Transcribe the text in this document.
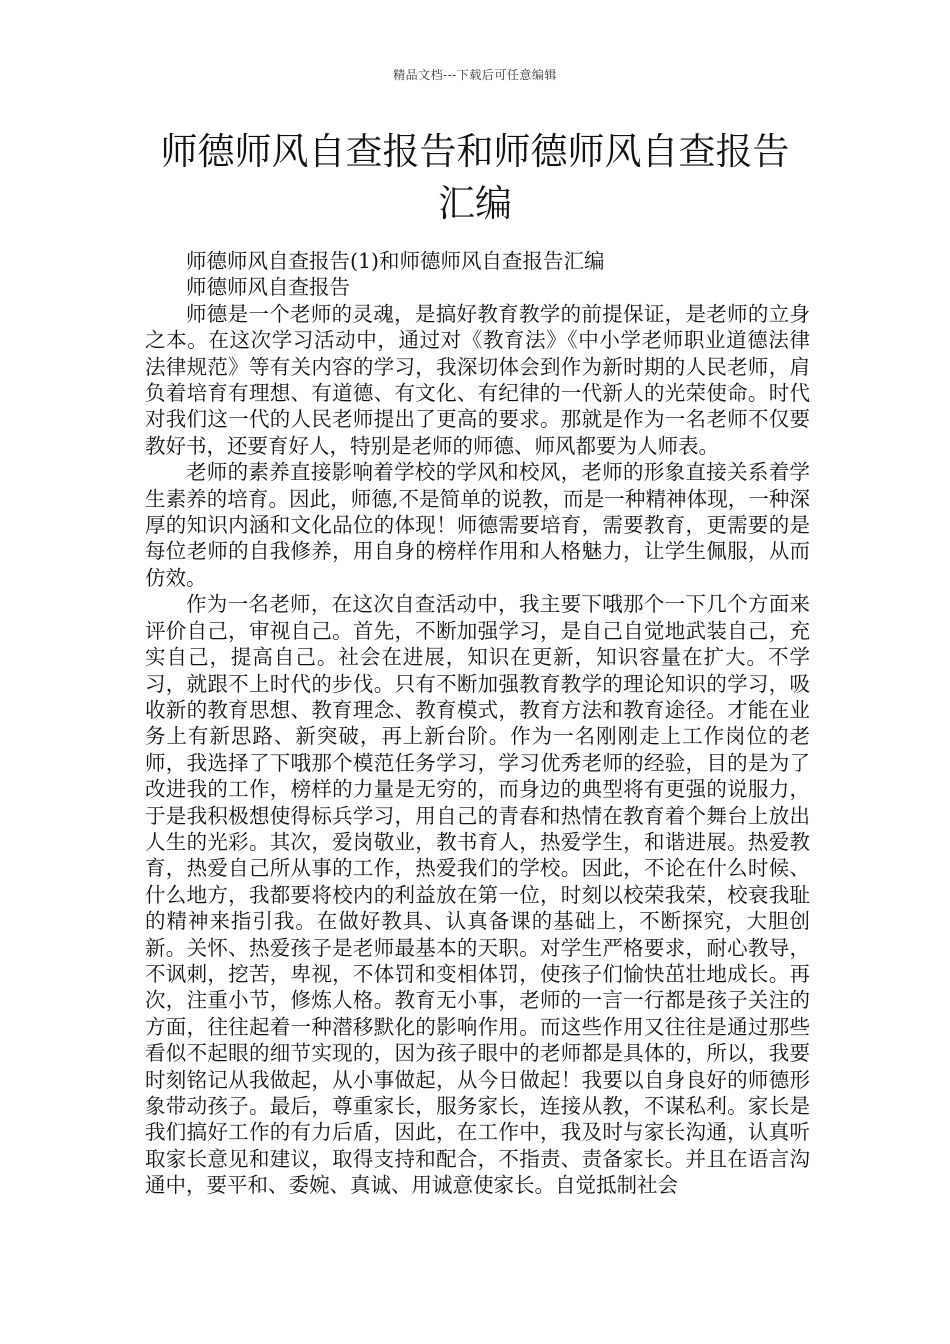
精品文档---下载后可任意编辑
师德师风自查报告和师德师风自查报告汇编
师德师风自查报告(1)和师德师风自查报告汇编
师德师风自查报告

师德是一个老师的灵魂，是搞好教育教学的前提保证，是老师的立身之本。在这次学习活动中，通过对《教育法》《中小学老师职业道德法律法律规范》等有关内容的学习，我深切体会到作为新时期的人民老师，肩负着培育有理想、有道德、有文化、有纪律的一代新人的光荣使命。时代对我们这一代的人民老师提出了更高的要求。那就是作为一名老师不仅要教好书，还要育好人，特别是老师的师德、师风都要为人师表。

老师的素养直接影响着学校的学风和校风，老师的形象直接关系着学生素养的培育。因此，师德,不是简单的说教，而是一种精神体现，一种深厚的知识内涵和文化品位的体现！师德需要培育，需要教育，更需要的是每位老师的自我修养，用自身的榜样作用和人格魅力，让学生佩服，从而仿效。

作为一名老师，在这次自查活动中，我主要下哦那个一下几个方面来评价自己，审视自己。首先，不断加强学习，是自己自觉地武装自己，充实自己，提高自己。社会在进展，知识在更新，知识容量在扩大。不学习，就跟不上时代的步伐。只有不断加强教育教学的理论知识的学习，吸收新的教育思想、教育理念、教育模式，教育方法和教育途径。才能在业务上有新思路、新突破，再上新台阶。作为一名刚刚走上工作岗位的老师，我选择了下哦那个模范任务学习，学习优秀老师的经验，目的是为了改进我的工作，榜样的力量是无穷的，而身边的典型将有更强的说服力，于是我积极想使得标兵学习，用自己的青春和热情在教育着个舞台上放出人生的光彩。其次，爱岗敬业，教书育人，热爱学生，和谐进展。热爱教育，热爱自己所从事的工作，热爱我们的学校。因此，不论在什么时候、什么地方，我都要将校内的利益放在第一位，时刻以校荣我荣，校衰我耻的精神来指引我。在做好教具、认真备课的基础上，不断探究，大胆创新。关怀、热爱孩子是老师最基本的天职。对学生严格要求，耐心教导，不讽刺，挖苦，卑视，不体罚和变相体罚，使孩子们愉快茁壮地成长。再次，注重小节，修炼人格。教育无小事，老师的一言一行都是孩子关注的方面，往往起着一种潜移默化的影响作用。而这些作用又往往是通过那些看似不起眼的细节实现的，因为孩子眼中的老师都是具体的，所以，我要时刻铭记从我做起，从小事做起，从今日做起！我要以自身良好的师德形象带动孩子。最后，尊重家长，服务家长，连接从教，不谋私利。家长是我们搞好工作的有力后盾，因此，在工作中，我及时与家长沟通，认真听取家长意见和建议，取得支持和配合，不指责、责备家长。并且在语言沟通中，要平和、委婉、真诚、用诚意使家长。自觉抵制社会
